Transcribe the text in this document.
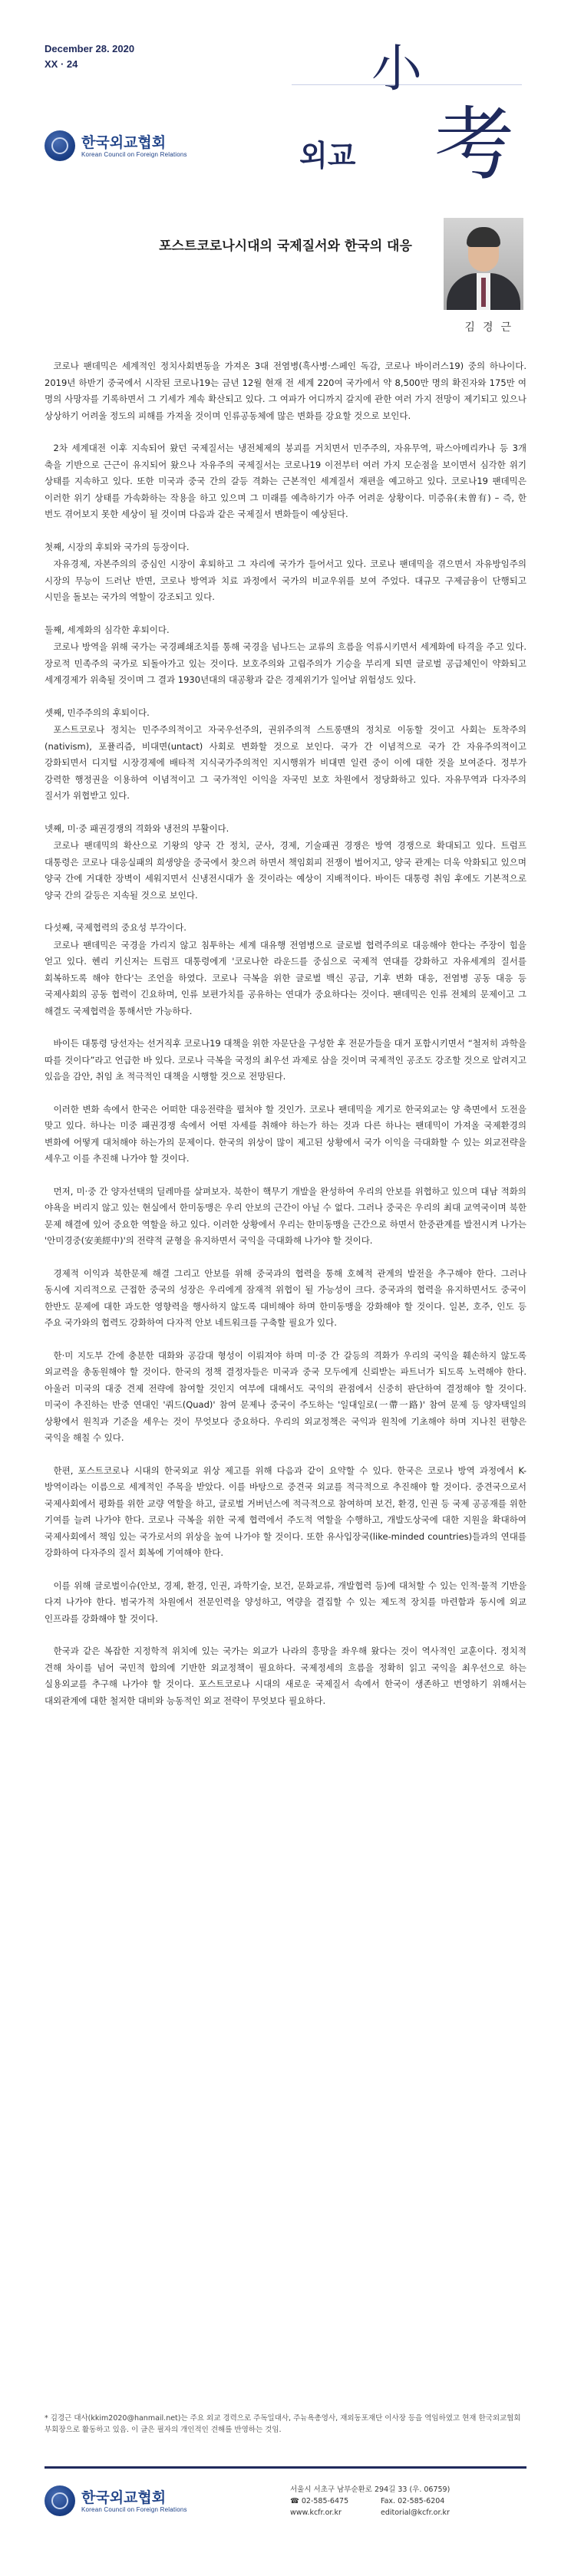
December 28. 2020
XX · 24
한국외교협회
Korean Council on Foreign Relations	외교
小
考
포스트코로나시대의 국제질서와 한국의 대응
김경근

코로나 팬데믹은 세계적인 정치사회변동을 가져온 3대 전염병(흑사병·스페인 독감, 코로나 바이러스19) 중의 하나이다. 2019년 하반기 중국에서 시작된 코로나19는 금년 12월 현재 전 세계 220여 국가에서 약 8,500만 명의 확진자와 175만 여 명의 사망자를 기록하면서 그 기세가 계속 확산되고 있다. 그 여파가 어디까지 갈지에 관한 여러 가지 전망이 제기되고 있으나 상상하기 어려울 정도의 피해를 가져올 것이며 인류공동체에 많은 변화를 강요할 것으로 보인다.

2차 세계대전 이후 지속되어 왔던 국제질서는 냉전체제의 붕괴를 거치면서 민주주의, 자유무역, 팍스아메리카나 등 3개 축을 기반으로 근근이 유지되어 왔으나 자유주의 국제질서는 코로나19 이전부터 여러 가지 모순점을 보이면서 심각한 위기 상태를 지속하고 있다. 또한 미국과 중국 간의 갈등 격화는 근본적인 세계질서 재편을 예고하고 있다. 코로나19 팬데믹은 이러한 위기 상태를 가속화하는 작용을 하고 있으며 그 미래를 예측하기가 아주 어려운 상황이다. 미증유(未曾有) – 즉, 한 번도 겪어보지 못한 세상이 될 것이며 다음과 같은 국제질서 변화들이 예상된다.

첫째, 시장의 후퇴와 국가의 등장이다.

자유경제, 자본주의의 중심인 시장이 후퇴하고 그 자리에 국가가 들어서고 있다. 코로나 팬데믹을 겪으면서 자유방임주의 시장의 무능이 드러난 반면, 코로나 방역과 치료 과정에서 국가의 비교우위를 보여 주었다. 대규모 구제금융이 단행되고 시민을 돌보는 국가의 역할이 강조되고 있다.

둘째, 세계화의 심각한 후퇴이다.

코로나 방역을 위해 국가는 국경폐쇄조치를 통해 국경을 넘나드는 교류의 흐름을 억류시키면서 세계화에 타격을 주고 있다. 장로적 민족주의 국가로 되돌아가고 있는 것이다. 보호주의와 고립주의가 기승을 부리게 되면 글로벌 공급체인이 약화되고 세계경제가 위축될 것이며 그 결과 1930년대의 대공황과 같은 경제위기가 일어날 위험성도 있다.

셋째, 민주주의의 후퇴이다.

포스트코로나 정치는 민주주의적이고 자국우선주의, 권위주의적 스트롱맨의 정치로 이동할 것이고 사회는 토착주의(nativism), 포퓰리즘, 비대면(untact) 사회로 변화할 것으로 보인다. 국가 간 이념적으로 국가 간 자유주의적이고 강화되면서 디지털 시장경제에 배타적 지식국가주의적인 지시행위가 비대면 일련 중이 이에 대한 것을 보여준다. 정부가 강력한 행정권을 이용하여 이념적이고 그 국가적인 이익을 자국민 보호 차원에서 정당화하고 있다. 자유무역과 다자주의 질서가 위협받고 있다.

넷째, 미·중 패권경쟁의 격화와 냉전의 부활이다.

코로나 팬데믹의 확산으로 기왕의 양국 간 정치, 군사, 경제, 기술패권 경쟁은 방역 경쟁으로 확대되고 있다. 트럼프 대통령은 코로나 대응실패의 희생양을 중국에서 찾으려 하면서 책임회피 전쟁이 벌어지고, 양국 관계는 더욱 악화되고 있으며 양국 간에 거대한 장벽이 세워지면서 신냉전시대가 올 것이라는 예상이 지배적이다. 바이든 대통령 취임 후에도 기본적으로 양국 간의 갈등은 지속될 것으로 보인다.

다섯째, 국제협력의 중요성 부각이다.

코로나 팬데믹은 국경을 가리지 않고 침투하는 세계 대유행 전염병으로 글로벌 협력주의로 대응해야 한다는 주장이 힘을 얻고 있다. 헨리 키신저는 트럼프 대통령에게 '코로나한 라운드를 중심으로 국제적 연대를 강화하고 자유세계의 질서를 회복하도록 해야 한다'는 조언을 하였다. 코로나 극복을 위한 글로벌 백신 공급, 기후 변화 대응, 전염병 공동 대응 등 국제사회의 공동 협력이 긴요하며, 인류 보편가치를 공유하는 연대가 중요하다는 것이다. 팬데믹은 인류 전체의 문제이고 그 해결도 국제협력을 통해서만 가능하다.

바이든 대통령 당선자는 선거직후 코로나19 대책을 위한 자문단을 구성한 후 전문가들을 대거 포함시키면서 “철저히 과학을 따를 것이다”라고 언급한 바 있다. 코로나 극복을 국정의 최우선 과제로 삼을 것이며 국제적인 공조도 강조할 것으로 알려지고 있음을 감안, 취임 초 적극적인 대책을 시행할 것으로 전망된다.

이러한 변화 속에서 한국은 어떠한 대응전략을 펼쳐야 할 것인가. 코로나 팬데믹을 계기로 한국외교는 양 축면에서 도전을 맞고 있다. 하나는 미중 패권경쟁 속에서 어떤 자세를 취해야 하는가 하는 것과 다른 하나는 팬데믹이 가져올 국제환경의 변화에 어떻게 대처해야 하는가의 문제이다. 한국의 위상이 많이 제고된 상황에서 국가 이익을 극대화할 수 있는 외교전략을 세우고 이를 추진해 나가야 할 것이다.

먼저, 미·중 간 양자선택의 딜레마를 살펴보자. 북한이 핵무기 개발을 완성하여 우리의 안보를 위협하고 있으며 대남 적화의 야욕을 버리지 않고 있는 현실에서 한미동맹은 우리 안보의 근간이 아닐 수 없다. 그러나 중국은 우리의 최대 교역국이며 북한 문제 해결에 있어 중요한 역할을 하고 있다. 이러한 상황에서 우리는 한미동맹을 근간으로 하면서 한중관계를 발전시켜 나가는 '안미경중(安美經中)'의 전략적 균형을 유지하면서 국익을 극대화해 나가야 할 것이다.

경제적 이익과 북한문제 해결 그리고 안보를 위해 중국과의 협력을 통해 호혜적 관계의 발전을 추구해야 한다. 그러나 동시에 지리적으로 근접한 중국의 성장은 우리에게 잠재적 위협이 될 가능성이 크다. 중국과의 협력을 유지하면서도 중국이 한반도 문제에 대한 과도한 영향력을 행사하지 않도록 대비해야 하며 한미동맹을 강화해야 할 것이다. 일본, 호주, 인도 등 주요 국가와의 협력도 강화하여 다자적 안보 네트워크를 구축할 필요가 있다.

한·미 지도부 간에 충분한 대화와 공감대 형성이 이뤄져야 하며 미·중 간 갈등의 격화가 우리의 국익을 훼손하지 않도록 외교력을 총동원해야 할 것이다. 한국의 정책 결정자들은 미국과 중국 모두에게 신뢰받는 파트너가 되도록 노력해야 한다. 아울러 미국의 대중 견제 전략에 참여할 것인지 여부에 대해서도 국익의 관점에서 신중히 판단하여 결정해야 할 것이다. 미국이 추진하는 반중 연대인 '쿼드(Quad)' 참여 문제나 중국이 주도하는 '일대일로(一帶一路)' 참여 문제 등 양자택일의 상황에서 원칙과 기준을 세우는 것이 무엇보다 중요하다. 우리의 외교정책은 국익과 원칙에 기초해야 하며 지나친 편향은 국익을 해칠 수 있다.

한편, 포스트코로나 시대의 한국외교 위상 제고를 위해 다음과 같이 요약할 수 있다. 한국은 코로나 방역 과정에서 K-방역이라는 이름으로 세계적인 주목을 받았다. 이를 바탕으로 중견국 외교를 적극적으로 추진해야 할 것이다. 중견국으로서 국제사회에서 평화를 위한 교량 역할을 하고, 글로벌 거버넌스에 적극적으로 참여하며 보건, 환경, 인권 등 국제 공공재를 위한 기여를 늘려 나가야 한다. 코로나 극복을 위한 국제 협력에서 주도적 역할을 수행하고, 개발도상국에 대한 지원을 확대하여 국제사회에서 책임 있는 국가로서의 위상을 높여 나가야 할 것이다. 또한 유사입장국(like-minded countries)들과의 연대를 강화하여 다자주의 질서 회복에 기여해야 한다.

이를 위해 글로벌이슈(안보, 경제, 환경, 인권, 과학기술, 보건, 문화교류, 개발협력 등)에 대처할 수 있는 인적·물적 기반을 다져 나가야 한다. 범국가적 차원에서 전문인력을 양성하고, 역량을 결집할 수 있는 제도적 장치를 마련함과 동시에 외교 인프라를 강화해야 할 것이다.

한국과 같은 복잡한 지정학적 위치에 있는 국가는 외교가 나라의 흥망을 좌우해 왔다는 것이 역사적인 교훈이다. 정치적 견해 차이를 넘어 국민적 합의에 기반한 외교정책이 필요하다. 국제정세의 흐름을 정확히 읽고 국익을 최우선으로 하는 실용외교를 추구해 나가야 할 것이다. 포스트코로나 시대의 새로운 국제질서 속에서 한국이 생존하고 번영하기 위해서는 대외관계에 대한 철저한 대비와 능동적인 외교 전략이 무엇보다 필요하다.

* 김경근 대사(kkim2020@hanmail.net)는 주요 외교 경력으로 주독일대사, 주뉴욕총영사, 재외동포재단 이사장 등을 역임하였고 현재 한국외교협회 부회장으로 활동하고 있음. 이 글은 필자의 개인적인 견해를 반영하는 것임.
한국외교협회
Korean Council on Foreign Relations
서울시 서초구 남부순환로 294길 33 (우. 06759)
☎ 02-585-6475	Fax. 02-585-6204
www.kcfr.or.kr	editorial@kcfr.or.kr
